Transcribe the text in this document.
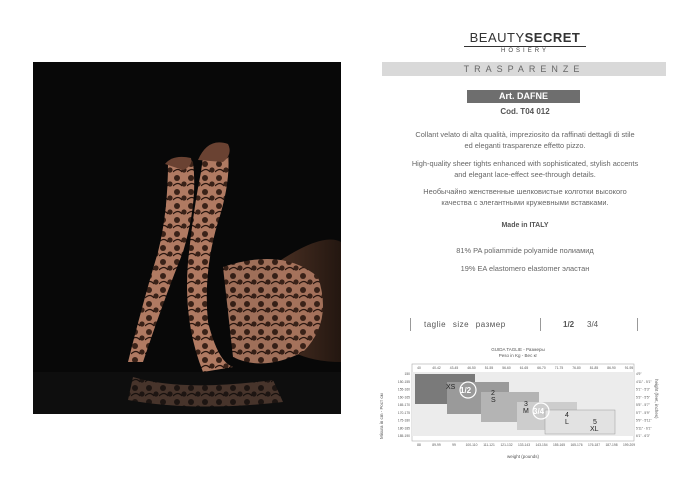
BEAUTYSECRET
HOSIERY
TRASPARENZE
Art. DAFNE
Cod. T04 012
Collant velato di alta qualità, impreziosito da raffinati dettagli di stile
ed eleganti trasparenze effetto pizzo.
High-quality sheer tights enhanced with sophisticated, stylish accents
and elegant lace-effect see-through details.
Необычайно женственные шелковистые колготки высокого
качества с элегантными кружевными вставками.
Made in ITALY
81% PA poliammide polyamide полиамид
19% EA elastomero elastomer эластан
taglie size размер	1/2 3/4
GUIDA TAGLIE - Размеры
Peso in Kg - Вес кг
XS 1/2	2
S
3
M 3/4	4
L	5
XL
Misura in cm - Рост см	height (feet, inches)
weight (pounds)
40	40-42	43-45	46-50	51-55	56-60	61-65	66-70	71-75	76-80	81-85	86-90	91-95
88	89-99	99	100-110 111-121 121-132 133-143 143-154 155-165 165-176 176-187 187-198 199-209
150
150-155
155-160
160-165
165-170
170-175
175-180
180-185
185-190
4'9"
4'11" - 5'1"
5'1" - 5'3"
5'3" - 5'5"
5'5" - 5'7"
5'7" - 5'9"
5'9" - 5'11"
5'11" - 6'1"
6'1" - 6'3"
